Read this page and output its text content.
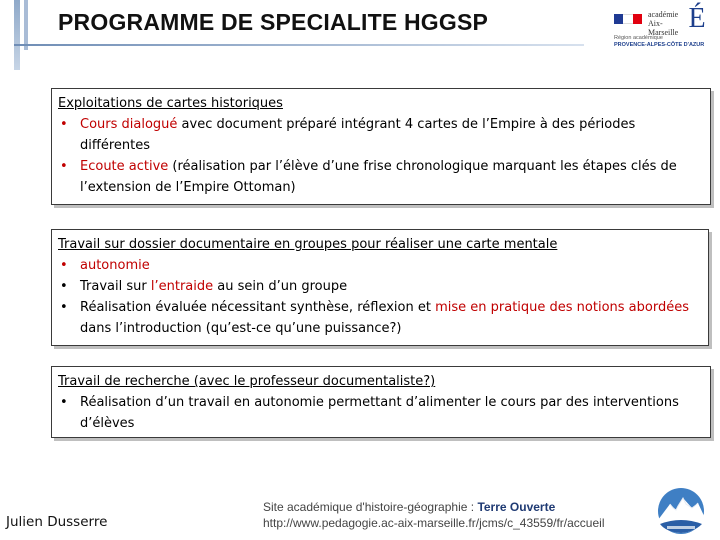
PROGRAMME DE SPECIALITE HGGSP	académie Aix-Marseille É
Région académique
PROVENCE-ALPES-CÔTE D'AZUR
Exploitations de cartes historiques
• Cours dialogué avec document préparé intégrant 4 cartes de l’Empire à des périodes différentes
• Ecoute active (réalisation par l’élève d’une frise chronologique marquant les étapes clés de l’extension de l’Empire Ottoman)
Travail sur dossier documentaire en groupes pour réaliser une carte mentale
• autonomie
• Travail sur l’entraide au sein d’un groupe
• Réalisation évaluée nécessitant synthèse, réflexion et mise en pratique des notions abordées dans l’introduction (qu’est-ce qu’une puissance?)
Travail de recherche (avec le professeur documentaliste?)
• Réalisation d’un travail en autonomie permettant d’alimenter le cours par des interventions d’élèves
Julien Dusserre
Site académique d'histoire-géographie : Terre Ouverte
http://www.pedagogie.ac-aix-marseille.fr/jcms/c_43559/fr/accueil
